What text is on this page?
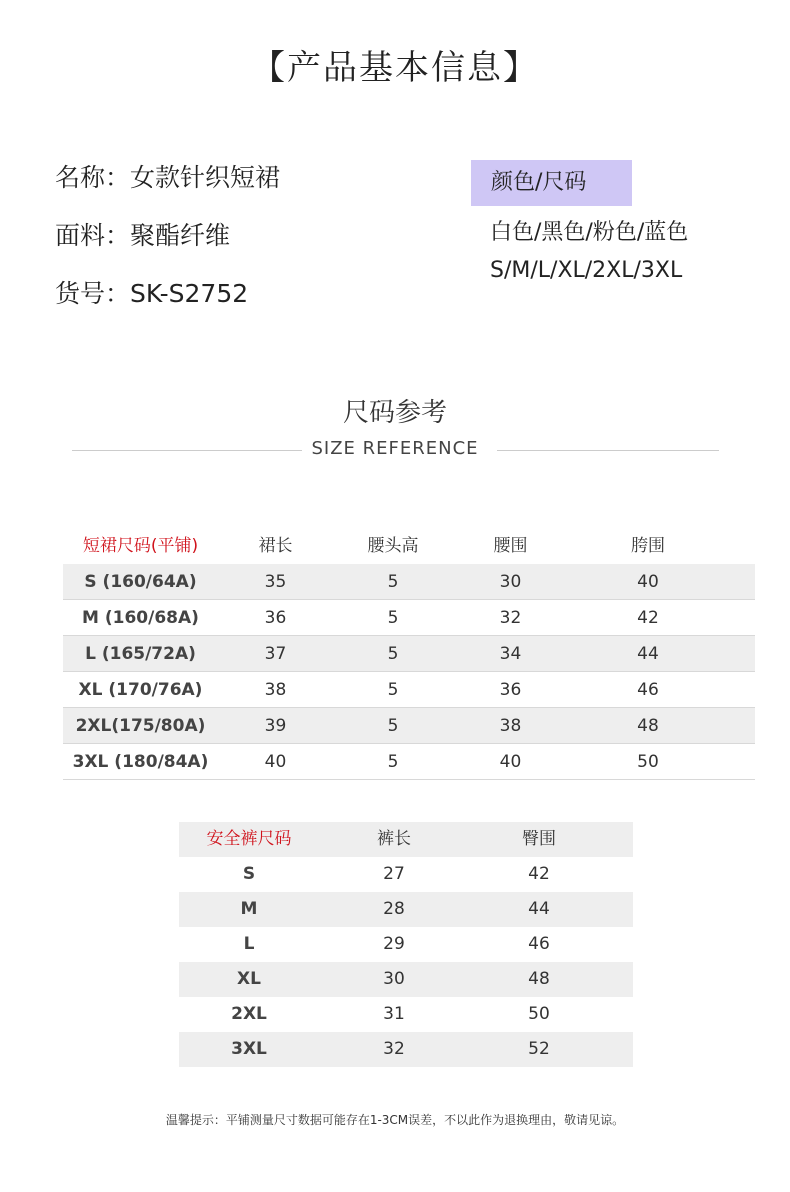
【产品基本信息】
名称：女款针织短裙
面料：聚酯纤维
货号：SK-S2752
颜色/尺码
白色/黑色/粉色/蓝色
S/M/L/XL/2XL/3XL
尺码参考
SIZE REFERENCE
短裙尺码(平铺)	裙长	腰头高	腰围	胯围
S (160/64A)	35	5	30	40
M (160/68A)	36	5	32	42
L (165/72A)	37	5	34	44
XL (170/76A)	38	5	36	46
2XL(175/80A)	39	5	38	48
3XL (180/84A)	40	5	40	50
安全裤尺码	裤长	臀围
S	27	42
M	28	44
L	29	46
XL	30	48
2XL	31	50
3XL	32	52
温馨提示：平铺测量尺寸数据可能存在1-3CM误差，不以此作为退换理由，敬请见谅。
